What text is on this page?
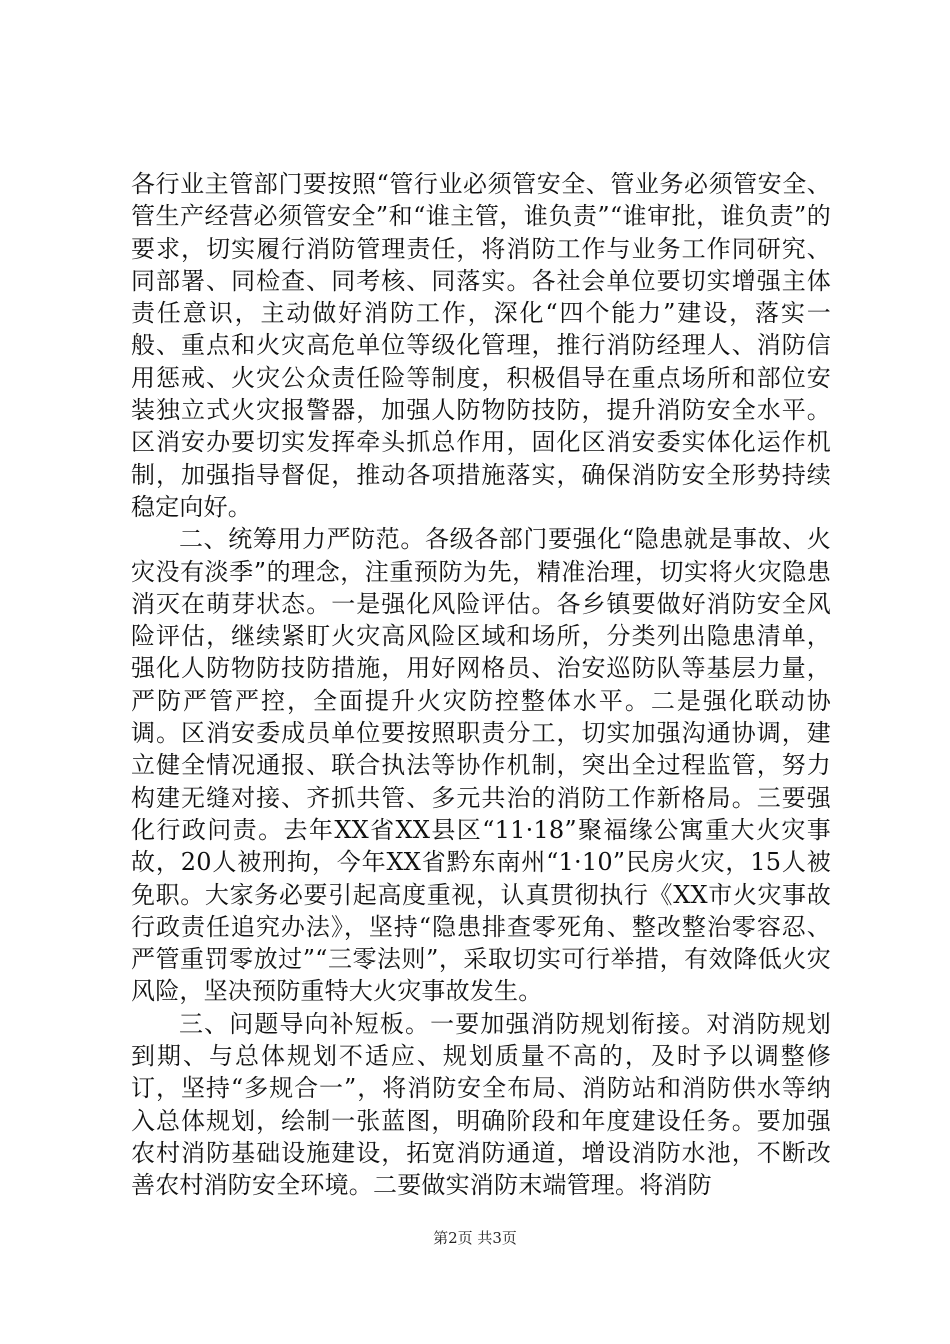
各行业主管部门要按照“管行业必须管安全、管业务必须管安全、管生产经营必须管安全”和“谁主管，谁负责”“谁审批，谁负责”的要求，切实履行消防管理责任，将消防工作与业务工作同研究、同部署、同检查、同考核、同落实。各社会单位要切实增强主体责任意识，主动做好消防工作，深化“四个能力”建设，落实一般、重点和火灾高危单位等级化管理，推行消防经理人、消防信用惩戒、火灾公众责任险等制度，积极倡导在重点场所和部位安装独立式火灾报警器，加强人防物防技防，提升消防安全水平。区消安办要切实发挥牵头抓总作用，固化区消安委实体化运作机制，加强指导督促，推动各项措施落实，确保消防安全形势持续稳定向好。

二、统筹用力严防范。各级各部门要强化“隐患就是事故、火灾没有淡季”的理念，注重预防为先，精准治理，切实将火灾隐患消灭在萌芽状态。一是强化风险评估。各乡镇要做好消防安全风险评估，继续紧盯火灾高风险区域和场所，分类列出隐患清单，强化人防物防技防措施，用好网格员、治安巡防队等基层力量，严防严管严控，全面提升火灾防控整体水平。二是强化联动协调。区消安委成员单位要按照职责分工，切实加强沟通协调，建立健全情况通报、联合执法等协作机制，突出全过程监管，努力构建无缝对接、齐抓共管、多元共治的消防工作新格局。三要强化行政问责。去年XX省XX县区“11·18”聚福缘公寓重大火灾事故，20人被刑拘，今年XX省黔东南州“1·10”民房火灾，15人被免职。大家务必要引起高度重视，认真贯彻执行《XX市火灾事故行政责任追究办法》，坚持“隐患排查零死角、整改整治零容忍、严管重罚零放过”“三零法则”，采取切实可行举措，有效降低火灾风险，坚决预防重特大火灾事故发生。

三、问题导向补短板。一要加强消防规划衔接。对消防规划到期、与总体规划不适应、规划质量不高的，及时予以调整修订，坚持“多规合一”，将消防安全布局、消防站和消防供水等纳入总体规划，绘制一张蓝图，明确阶段和年度建设任务。要加强农村消防基础设施建设，拓宽消防通道，增设消防水池，不断改善农村消防安全环境。二要做实消防末端管理。将消防

第2页 共3页
